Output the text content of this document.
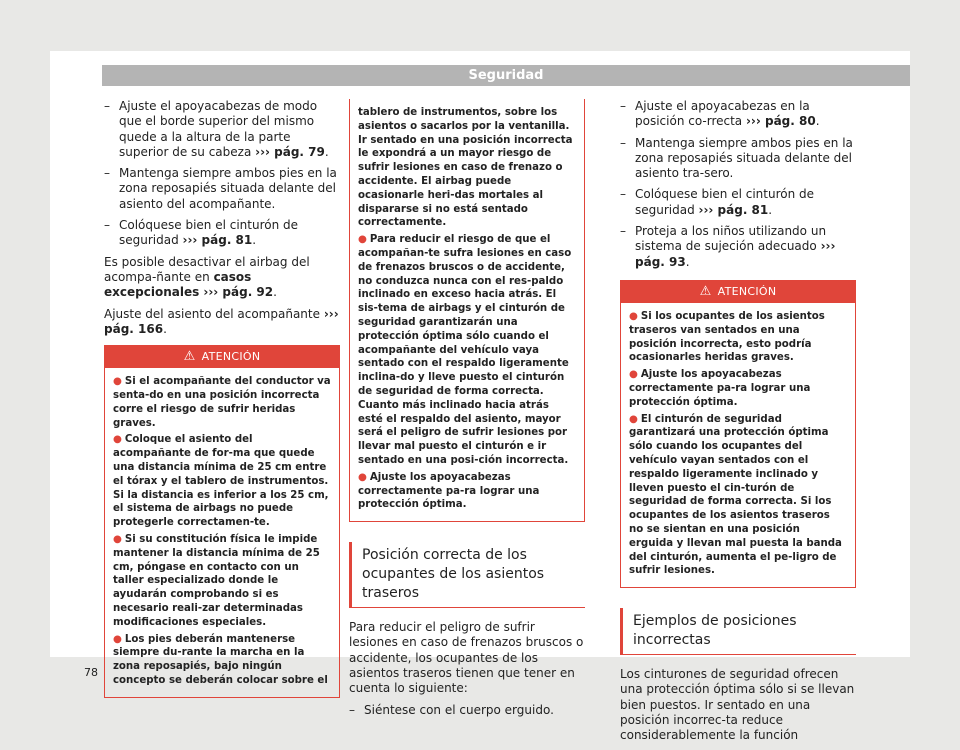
Seguridad
– Ajuste el apoyacabezas de modo que el borde superior del mismo quede a la altura de la parte superior de su cabeza ››› pág. 79.
– Mantenga siempre ambos pies en la zona reposapiés situada delante del asiento del acompañante.
– Colóquese bien el cinturón de seguridad ››› pág. 81.

Es posible desactivar el airbag del acompa-ñante en casos excepcionales ››› pág. 92.

Ajuste del asiento del acompañante ››› pág. 166.

⚠ ATENCIÓN
● Si el acompañante del conductor va senta-do en una posición incorrecta corre el riesgo de sufrir heridas graves.
● Coloque el asiento del acompañante de for-ma que quede una distancia mínima de 25 cm entre el tórax y el tablero de instrumentos. Si la distancia es inferior a los 25 cm, el sistema de airbags no puede protegerle correctamen-te.
● Si su constitución física le impide mantener la distancia mínima de 25 cm, póngase en contacto con un taller especializado donde le ayudarán comprobando si es necesario reali-zar determinadas modificaciones especiales.
● Los pies deberán mantenerse siempre du-rante la marcha en la zona reposapiés, bajo ningún concepto se deberán colocar sobre el
tablero de instrumentos, sobre los asientos o sacarlos por la ventanilla. Ir sentado en una posición incorrecta le expondrá a un mayor riesgo de sufrir lesiones en caso de frenazo o accidente. El airbag puede ocasionarle heri-das mortales al dispararse si no está sentado correctamente.
● Para reducir el riesgo de que el acompañan-te sufra lesiones en caso de frenazos bruscos o de accidente, no conduzca nunca con el res-paldo inclinado en exceso hacia atrás. El sis-tema de airbags y el cinturón de seguridad garantizarán una protección óptima sólo cuando el acompañante del vehículo vaya sentado con el respaldo ligeramente inclina-do y lleve puesto el cinturón de seguridad de forma correcta. Cuanto más inclinado hacia atrás esté el respaldo del asiento, mayor será el peligro de sufrir lesiones por llevar mal puesto el cinturón e ir sentado en una posi-ción incorrecta.
● Ajuste los apoyacabezas correctamente pa-ra lograr una protección óptima.
Posición correcta de los ocupantes de los asientos traseros

Para reducir el peligro de sufrir lesiones en caso de frenazos bruscos o accidente, los ocupantes de los asientos traseros tienen que tener en cuenta lo siguiente:

– Siéntese con el cuerpo erguido.
– Ajuste el apoyacabezas en la posición co-rrecta ››› pág. 80.
– Mantenga siempre ambos pies en la zona reposapiés situada delante del asiento tra-sero.
– Colóquese bien el cinturón de seguridad ››› pág. 81.
– Proteja a los niños utilizando un sistema de sujeción adecuado ››› pág. 93.
⚠ ATENCIÓN
● Si los ocupantes de los asientos traseros van sentados en una posición incorrecta, esto podría ocasionarles heridas graves.
● Ajuste los apoyacabezas correctamente pa-ra lograr una protección óptima.
● El cinturón de seguridad garantizará una protección óptima sólo cuando los ocupantes del vehículo vayan sentados con el respaldo ligeramente inclinado y lleven puesto el cin-turón de seguridad de forma correcta. Si los ocupantes de los asientos traseros no se sientan en una posición erguida y llevan mal puesta la banda del cinturón, aumenta el pe-ligro de sufrir lesiones.
Ejemplos de posiciones incorrectas

Los cinturones de seguridad ofrecen una protección óptima sólo si se llevan bien puestos. Ir sentado en una posición incorrec-ta reduce considerablemente la función

78
